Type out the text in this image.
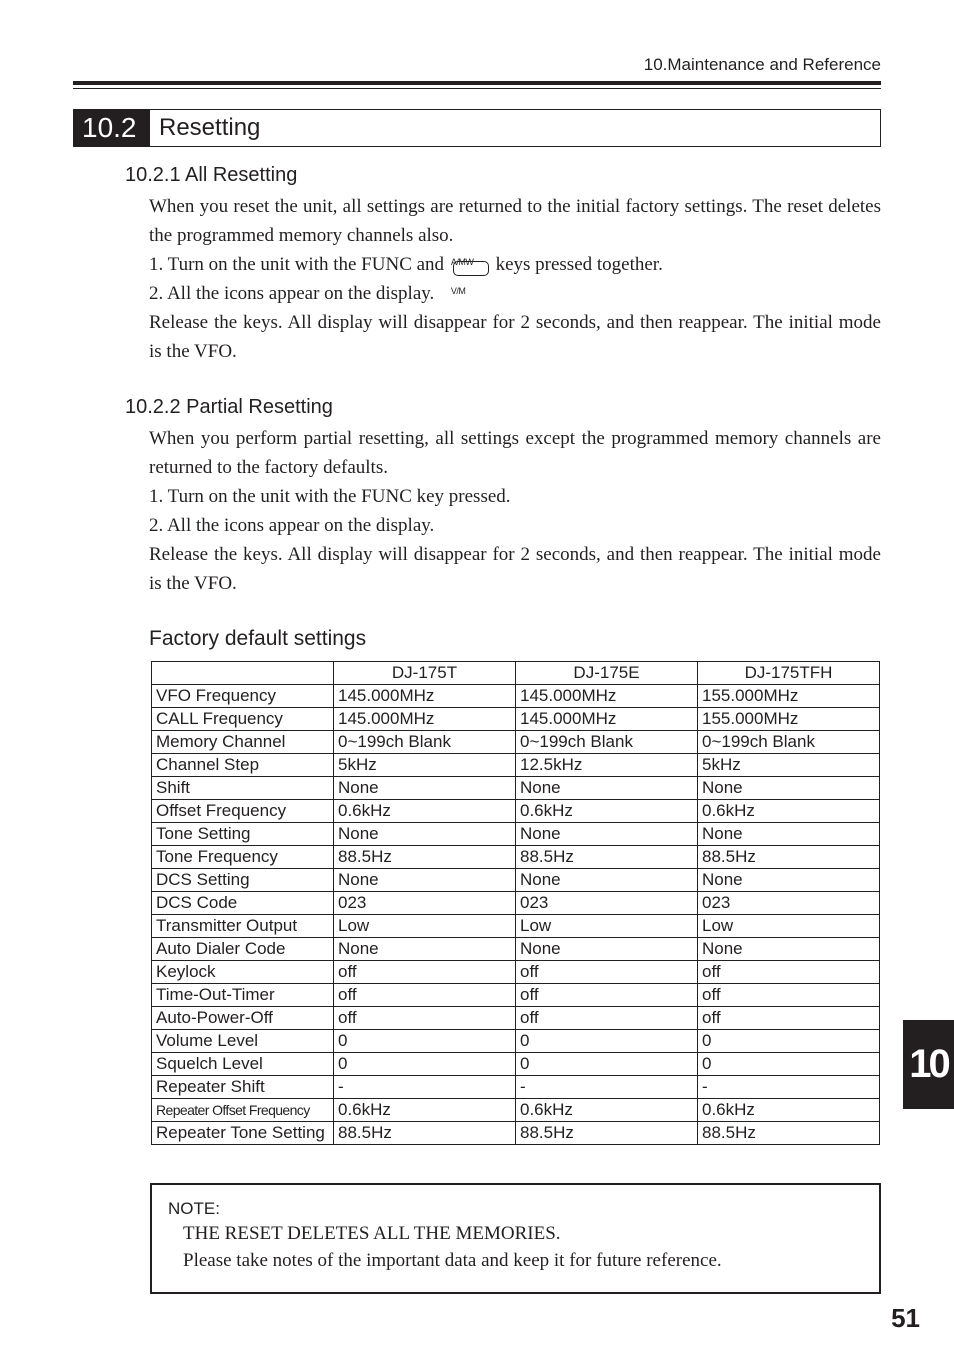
10.Maintenance and Reference
10.2 Resetting
10.2.1 All Resetting

When you reset the unit, all settings are returned to the initial factory settings. The reset deletes the programmed memory channels also.

1. Turn on the unit with the FUNC and A/MW V/M
keys pressed together.

2. All the icons appear on the display.

Release the keys. All display will disappear for 2 seconds, and then reappear. The initial mode is the VFO.

10.2.2 Partial Resetting

When you perform partial resetting, all settings except the programmed memory channels are returned to the factory defaults.

1. Turn on the unit with the FUNC key pressed.

2. All the icons appear on the display.

Release the keys. All display will disappear for 2 seconds, and then reappear. The initial mode is the VFO.

Factory default settings
	DJ-175T	DJ-175E	DJ-175TFH
VFO Frequency	145.000MHz	145.000MHz	155.000MHz
CALL Frequency	145.000MHz	145.000MHz	155.000MHz
Memory Channel	0~199ch Blank	0~199ch Blank	0~199ch Blank
Channel Step	5kHz	12.5kHz	5kHz
Shift	None	None	None
Offset Frequency	0.6kHz	0.6kHz	0.6kHz
Tone Setting	None	None	None
Tone Frequency	88.5Hz	88.5Hz	88.5Hz
DCS Setting	None	None	None
DCS Code	023	023	023
Transmitter Output	Low	Low	Low
Auto Dialer Code	None	None	None
Keylock	off	off	off
Time-Out-Timer	off	off	off
Auto-Power-Off	off	off	off
Volume Level	0	0	0
Squelch Level	0	0	0
Repeater Shift	-	-	-
Repeater Offset Frequency	0.6kHz	0.6kHz	0.6kHz
Repeater Tone Setting	88.5Hz	88.5Hz	88.5Hz
NOTE:
THE RESET DELETES ALL THE MEMORIES.
Please take notes of the important data and keep it for future reference.
10
51
